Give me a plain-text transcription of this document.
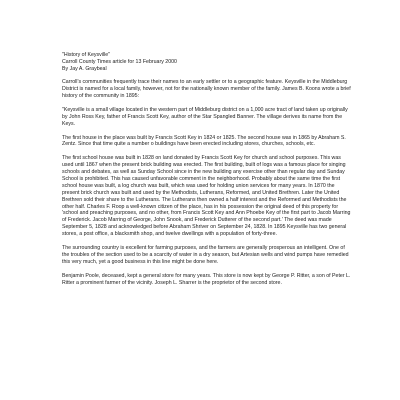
"History of Keysville"

Carroll County Times article for 13 February 2000

By Jay A. Graybeal

Carroll's communities frequently trace their names to an early settler or to a geographic feature. Keysville in the Middleburg District is named for a local family, however, not for the nationally known member of the family. James B. Koons wrote a brief history of the community in 1895:

"Keysville is a small village located in the western part of Middleburg district on a 1,000 acre tract of land taken up originally by John Ross Key, father of Francis Scott Key, author of the Star Spangled Banner. The village derives its name from the Keys.

The first house in the place was built by Francis Scott Key in 1824 or 1825. The second house was in 1865 by Abraham S. Zentz. Since that time quite a number o buildings have been erected including stores, churches, schools, etc.

The first school house was built in 1828 on land donated by Francis Scott Key for church and school purposes. This was used until 1867 when the present brick building was erected. The first building, built of logs was a famous place for singing schools and debates, as well as Sunday School since in the new building any exercise other than regular day and Sunday School is prohibited. This has caused unfavorable comment in the neighborhood. Probably about the same time the first school house was built, a log church was built, which was used for holding union services for many years. In 1870 the present brick church was built and used by the Methodists, Lutherans, Reformed, and United Brethren. Later the United Brethren sold their share to the Lutherans. The Lutherans then owned a half interest and the Reformed and Methodists the other half. Charles F. Roop a well-known citizen of the place, has in his possession the original deed of this property for 'school and preaching purposes, and no other, from Francis Scott Key and Ann Phoebe Key of the first part to Jacob Marring of Frederick. Jacob Marring of George, John Snook, and Frederick Dutterer of the second part.' The deed was made September 5, 1828 and acknowledged before Abraham Shriver on September 24, 1828. In 1895 Keysville has two general stores, a post office, a blacksmith shop, and twelve dwellings with a population of forty-three.

The surrounding country is excellent for farming purposes, and the farmers are generally prosperous an intelligent. One of the troubles of the section used to be a scarcity of water in a dry season, but Artesian wells and wind pumps have remedied this very much, yet a good business in this line might be done here.

Benjamin Poole, deceased, kept a general store for many years. This store is now kept by George P. Ritter, a son of Peter L. Ritter a prominent farmer of the vicinity. Joseph L. Sharrer is the proprietor of the second store.
